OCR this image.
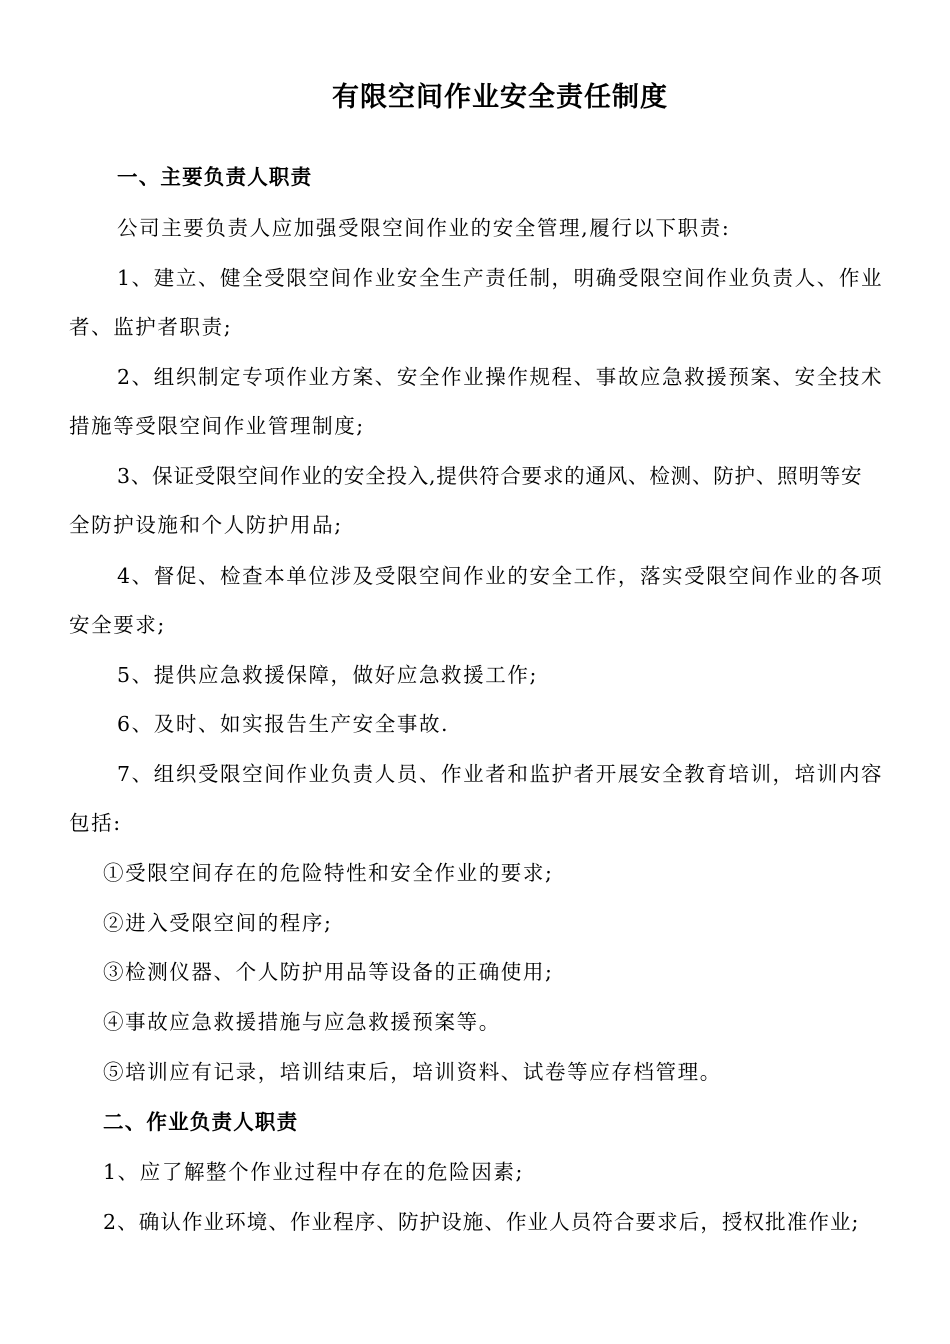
有限空间作业安全责任制度
一、主要负责人职责
公司主要负责人应加强受限空间作业的安全管理,履行以下职责:
1、建立、健全受限空间作业安全生产责任制，明确受限空间作业负责人、作业
者、监护者职责;
2、组织制定专项作业方案、安全作业操作规程、事故应急救援预案、安全技术
措施等受限空间作业管理制度;
3、保证受限空间作业的安全投入,提供符合要求的通风、检测、防护、照明等安
全防护设施和个人防护用品;
4、督促、检查本单位涉及受限空间作业的安全工作，落实受限空间作业的各项
安全要求;
5、提供应急救援保障，做好应急救援工作;
6、及时、如实报告生产安全事故.
7、组织受限空间作业负责人员、作业者和监护者开展安全教育培训，培训内容
包括:
①受限空间存在的危险特性和安全作业的要求;
②进入受限空间的程序;
③检测仪器、个人防护用品等设备的正确使用;
④事故应急救援措施与应急救援预案等。
⑤培训应有记录，培训结束后，培训资料、试卷等应存档管理。
二、作业负责人职责
1、应了解整个作业过程中存在的危险因素;
2、确认作业环境、作业程序、防护设施、作业人员符合要求后，授权批准作业;
